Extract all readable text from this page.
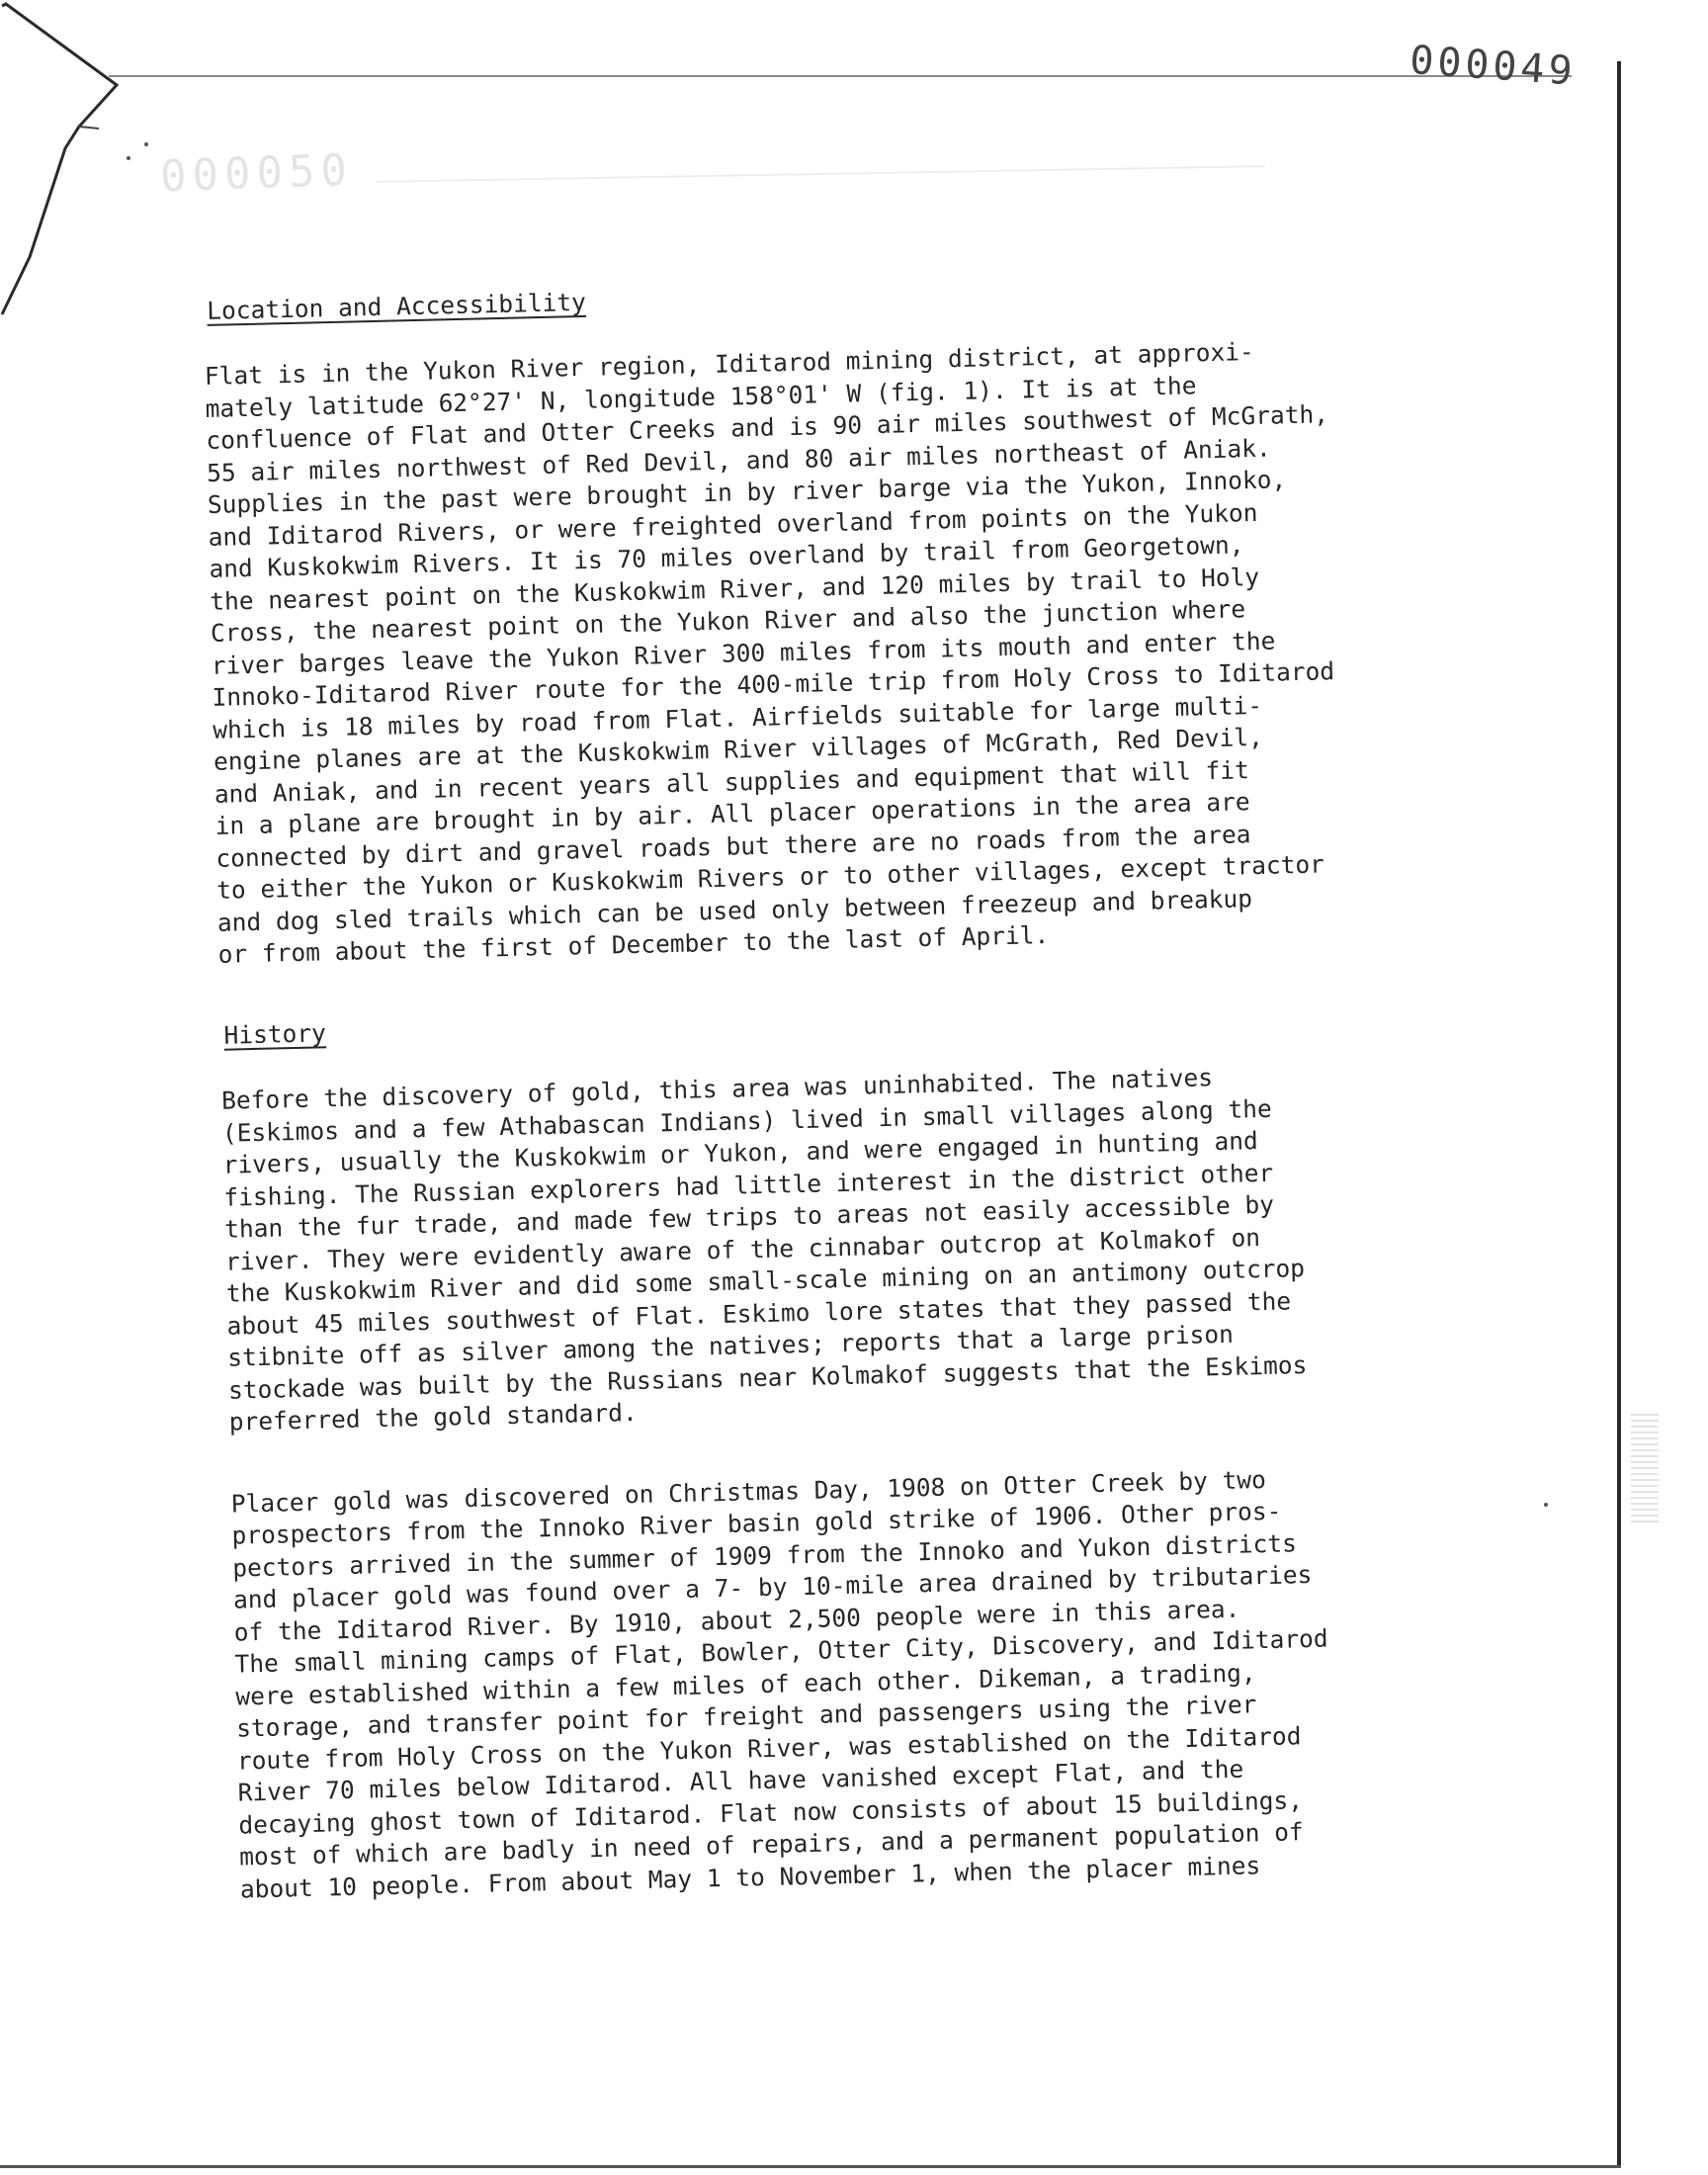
000049
000050
Location and Accessibility

Flat is in the Yukon River region, Iditarod mining district, at approxi-
mately latitude 62°27' N, longitude 158°01' W (fig. 1). It is at the
confluence of Flat and Otter Creeks and is 90 air miles southwest of McGrath,
55 air miles northwest of Red Devil, and 80 air miles northeast of Aniak.
Supplies in the past were brought in by river barge via the Yukon, Innoko,
and Iditarod Rivers, or were freighted overland from points on the Yukon
and Kuskokwim Rivers. It is 70 miles overland by trail from Georgetown,
the nearest point on the Kuskokwim River, and 120 miles by trail to Holy
Cross, the nearest point on the Yukon River and also the junction where
river barges leave the Yukon River 300 miles from its mouth and enter the
Innoko-Iditarod River route for the 400-mile trip from Holy Cross to Iditarod
which is 18 miles by road from Flat. Airfields suitable for large multi-
engine planes are at the Kuskokwim River villages of McGrath, Red Devil,
and Aniak, and in recent years all supplies and equipment that will fit
in a plane are brought in by air. All placer operations in the area are
connected by dirt and gravel roads but there are no roads from the area
to either the Yukon or Kuskokwim Rivers or to other villages, except tractor
and dog sled trails which can be used only between freezeup and breakup
or from about the first of December to the last of April.

History

Before the discovery of gold, this area was uninhabited. The natives
(Eskimos and a few Athabascan Indians) lived in small villages along the
rivers, usually the Kuskokwim or Yukon, and were engaged in hunting and
fishing. The Russian explorers had little interest in the district other
than the fur trade, and made few trips to areas not easily accessible by
river. They were evidently aware of the cinnabar outcrop at Kolmakof on
the Kuskokwim River and did some small-scale mining on an antimony outcrop
about 45 miles southwest of Flat. Eskimo lore states that they passed the
stibnite off as silver among the natives; reports that a large prison
stockade was built by the Russians near Kolmakof suggests that the Eskimos
preferred the gold standard.

Placer gold was discovered on Christmas Day, 1908 on Otter Creek by two
prospectors from the Innoko River basin gold strike of 1906. Other pros-
pectors arrived in the summer of 1909 from the Innoko and Yukon districts
and placer gold was found over a 7- by 10-mile area drained by tributaries
of the Iditarod River. By 1910, about 2,500 people were in this area.
The small mining camps of Flat, Bowler, Otter City, Discovery, and Iditarod
were established within a few miles of each other. Dikeman, a trading,
storage, and transfer point for freight and passengers using the river
route from Holy Cross on the Yukon River, was established on the Iditarod
River 70 miles below Iditarod. All have vanished except Flat, and the
decaying ghost town of Iditarod. Flat now consists of about 15 buildings,
most of which are badly in need of repairs, and a permanent population of
about 10 people. From about May 1 to November 1, when the placer mines
